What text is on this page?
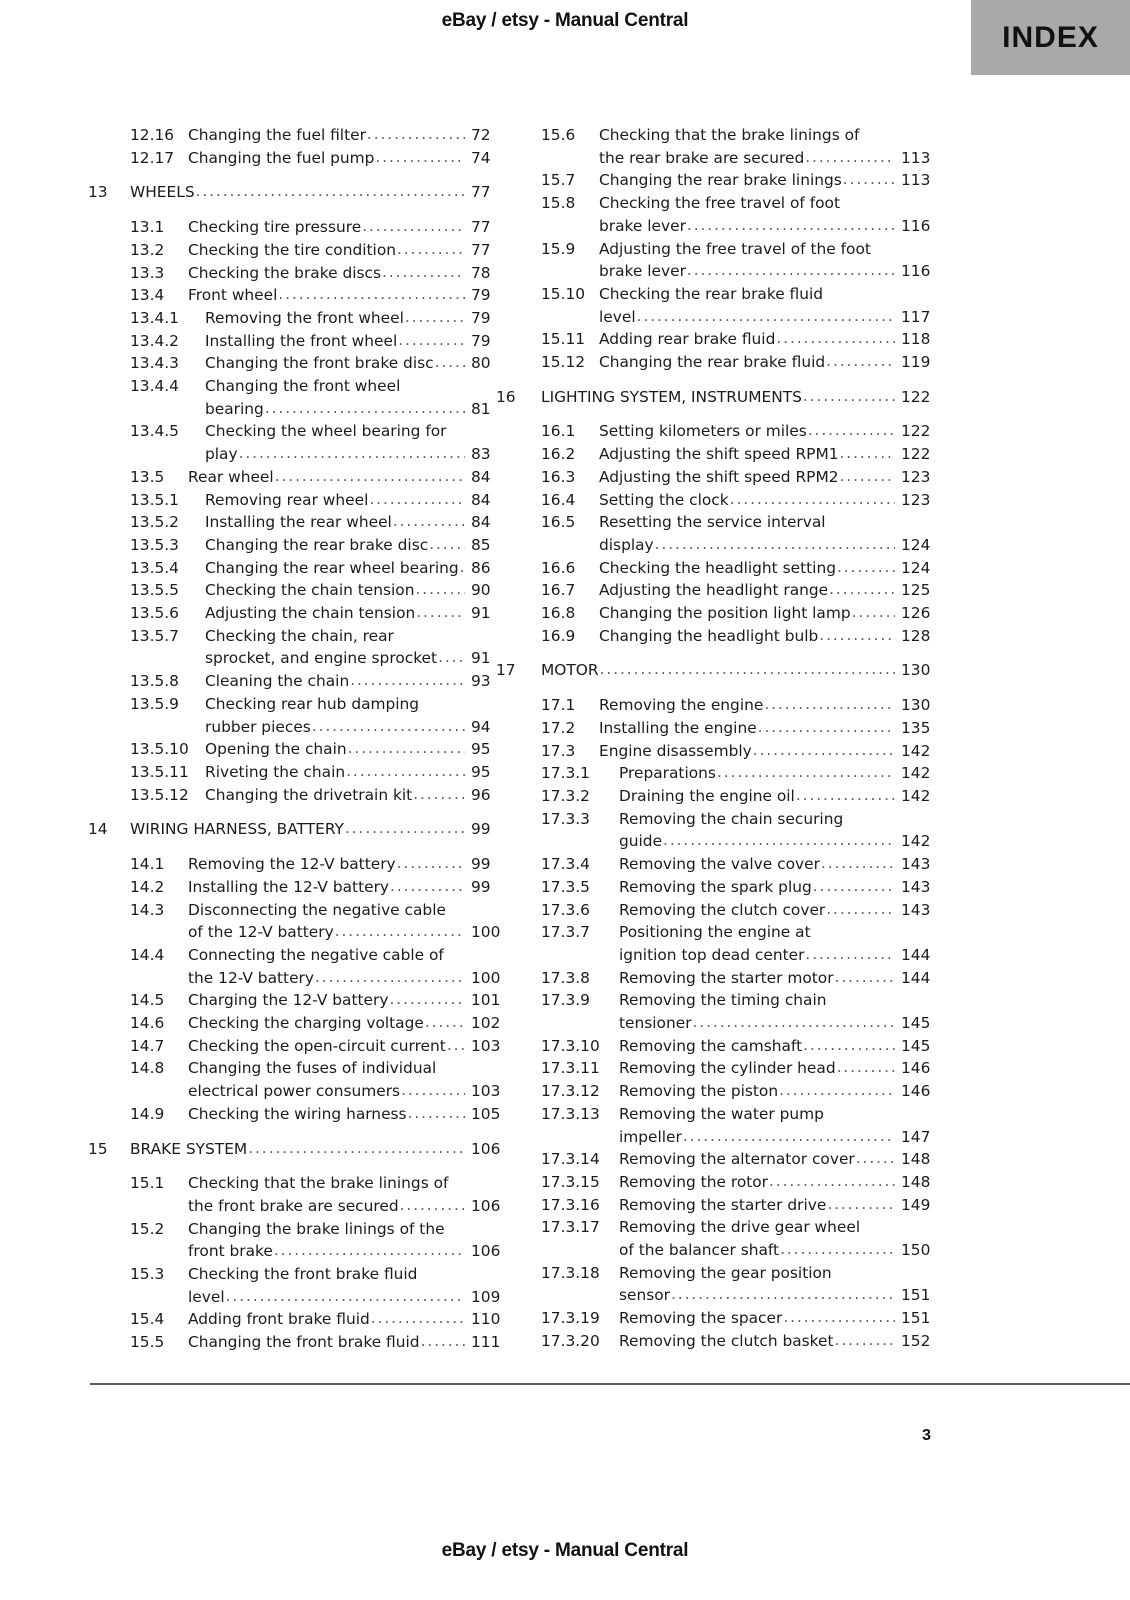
INDEX
eBay / etsy - Manual Central
12.16 Changing the fuel filter .....	72
12.17 Changing the fuel pump .....	74
13	WHEELS .....	77
13.1	Checking tire pressure .....	77
13.2	Checking the tire condition .....	77
13.3	Checking the brake discs .....	78
13.4	Front wheel .....	79
13.4.1	Removing the front wheel .....	79
13.4.2	Installing the front wheel .....	79
13.4.3	Changing the front brake disc ..... 80
13.4.4	Changing the front wheel
bearing .....	81
13.4.5	Checking the wheel bearing for
play .....	83
13.5	Rear wheel .....	84
13.5.1	Removing rear wheel .....	84
13.5.2	Installing the rear wheel .....	84
13.5.3	Changing the rear brake disc .....	85
13.5.4	Changing the rear wheel bearing ..... 86
13.5.5	Checking the chain tension .....	90
13.5.6	Adjusting the chain tension .....	91
13.5.7	Checking the chain, rear
sprocket, and engine sprocket ..... 91
13.5.8	Cleaning the chain .....	93
13.5.9	Checking rear hub damping
rubber pieces .....	94
13.5.10	Opening the chain .....	95
13.5.11	Riveting the chain .....	95
13.5.12	Changing the drivetrain kit .....	96
14	WIRING HARNESS, BATTERY .....	99
14.1	Removing the 12-V battery .....	99
14.2	Installing the 12-V battery .....	99
14.3	Disconnecting the negative cable
of the 12-V battery .....	100
14.4	Connecting the negative cable of
the 12-V battery .....	100
14.5	Charging the 12-V battery .....	101
14.6	Checking the charging voltage .....	102
14.7	Checking the open-circuit current ..... 103
14.8	Changing the fuses of individual
electrical power consumers .....	103
14.9	Checking the wiring harness .....	105
15	BRAKE SYSTEM .....	106
15.1	Checking that the brake linings of
the front brake are secured .....	106
15.2	Changing the brake linings of the
front brake .....	106
15.3	Checking the front brake fluid
level .....	109
15.4	Adding front brake fluid .....	110
15.5	Changing the front brake fluid .....	111
15.6	Checking that the brake linings of
the rear brake are secured .....	113
15.7	Changing the rear brake linings .....	113
15.8	Checking the free travel of foot
brake lever .....	116
15.9	Adjusting the free travel of the foot
brake lever .....	116
15.10 Checking the rear brake fluid
level .....	117
15.11 Adding rear brake fluid .....	118
15.12 Changing the rear brake fluid .....	119
16	LIGHTING SYSTEM, INSTRUMENTS .....	122
16.1	Setting kilometers or miles .....	122
16.2	Adjusting the shift speed RPM1 .....	122
16.3	Adjusting the shift speed RPM2 .....	123
16.4	Setting the clock .....	123
16.5	Resetting the service interval
display .....	124
16.6	Checking the headlight setting .....	124
16.7	Adjusting the headlight range .....	125
16.8	Changing the position light lamp .....	126
16.9	Changing the headlight bulb .....	128
17	MOTOR .....	130
17.1	Removing the engine .....	130
17.2	Installing the engine .....	135
17.3	Engine disassembly .....	142
17.3.1	Preparations .....	142
17.3.2	Draining the engine oil .....	142
17.3.3	Removing the chain securing
guide .....	142
17.3.4	Removing the valve cover .....	143
17.3.5	Removing the spark plug .....	143
17.3.6	Removing the clutch cover .....	143
17.3.7	Positioning the engine at
ignition top dead center .....	144
17.3.8	Removing the starter motor .....	144
17.3.9	Removing the timing chain
tensioner .....	145
17.3.10	Removing the camshaft .....	145
17.3.11	Removing the cylinder head .....	146
17.3.12	Removing the piston .....	146
17.3.13	Removing the water pump
impeller .....	147
17.3.14	Removing the alternator cover .....	148
17.3.15	Removing the rotor .....	148
17.3.16	Removing the starter drive .....	149
17.3.17	Removing the drive gear wheel
of the balancer shaft .....	150
17.3.18	Removing the gear position
sensor .....	151
17.3.19	Removing the spacer .....	151
17.3.20	Removing the clutch basket .....	152
3
eBay / etsy - Manual Central
